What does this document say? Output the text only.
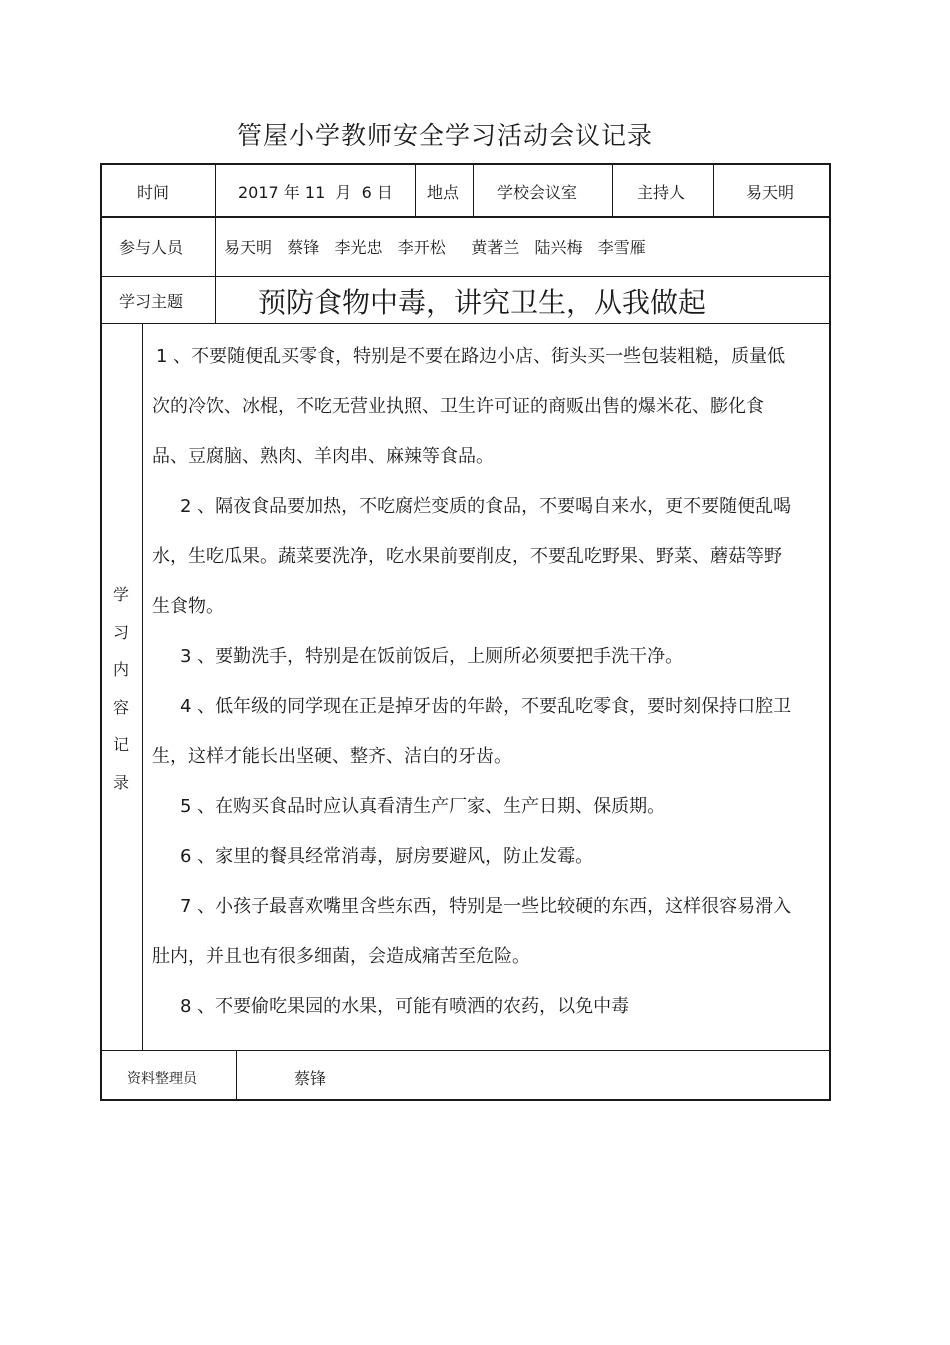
管屋小学教师安全学习活动会议记录
时间	2017 年 11  月  6 日 地点 学校会议室	主持人	易天明
参与人员	易天明   蔡锋   李光忠   李开松     黄著兰   陆兴梅   李雪雁
学习主题	预防食物中毒，讲究卫生，从我做起
学
习
内
容
记
录

1 、不要随便乱买零食，特别是不要在路边小店、街头买一些包装粗糙，质量低次的冷饮、冰棍，不吃无营业执照、卫生许可证的商贩出售的爆米花、膨化食品、豆腐脑、熟肉、羊肉串、麻辣等食品。

2 、隔夜食品要加热，不吃腐烂变质的食品，不要喝自来水，更不要随便乱喝水，生吃瓜果。蔬菜要洗净，吃水果前要削皮，不要乱吃野果、野菜、蘑菇等野生食物。

3 、要勤洗手，特别是在饭前饭后，上厕所必须要把手洗干净。

4 、低年级的同学现在正是掉牙齿的年龄，不要乱吃零食，要时刻保持口腔卫生，这样才能长出坚硬、整齐、洁白的牙齿。

5 、在购买食品时应认真看清生产厂家、生产日期、保质期。

6 、家里的餐具经常消毒，厨房要避风，防止发霉。

7 、小孩子最喜欢嘴里含些东西，特别是一些比较硬的东西，这样很容易滑入肚内，并且也有很多细菌，会造成痛苦至危险。

8 、不要偷吃果园的水果，可能有喷洒的农药，以免中毒

资料整理员	蔡锋
